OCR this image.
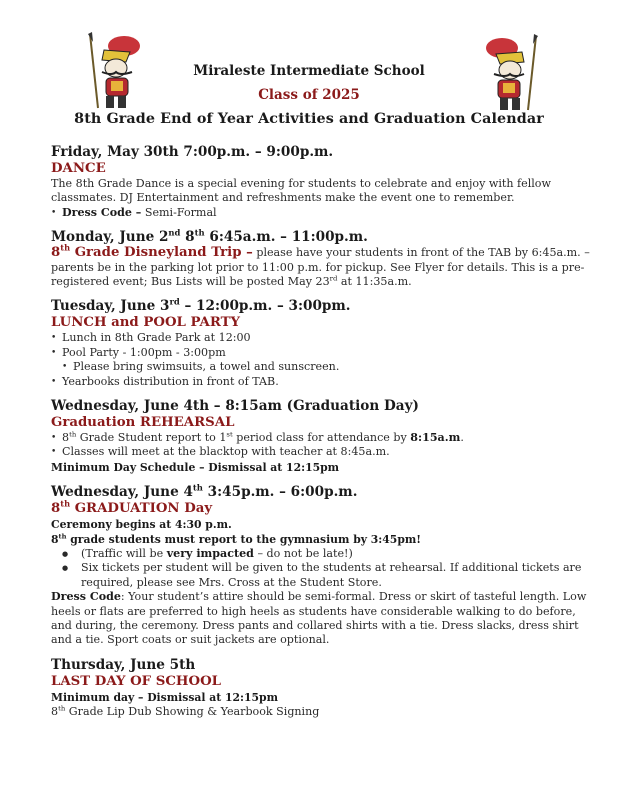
Miraleste Intermediate School
Class of 2025
8th Grade End of Year Activities and Graduation Calendar
Friday, May 30th 7:00p.m. – 9:00p.m.
DANCE
The 8th Grade Dance is a special evening for students to celebrate and enjoy with fellow classmates. DJ Entertainment and refreshments make the event one to remember.
• Dress Code – Semi-Formal
Monday, June 2nd 8th 6:45a.m. – 11:00p.m.
8th Grade Disneyland Trip – please have your students in front of the TAB by 6:45a.m. – parents be in the parking lot prior to 11:00 p.m. for pickup. See Flyer for details. This is a pre-registered event; Bus Lists will be posted May 23rd at 11:35a.m.
Tuesday, June 3rd – 12:00p.m. – 3:00pm.
LUNCH and POOL PARTY
• Lunch in 8th Grade Park at 12:00
• Pool Party - 1:00pm - 3:00pm
• Please bring swimsuits, a towel and sunscreen.
• Yearbooks distribution in front of TAB.
Wednesday, June 4th – 8:15am (Graduation Day)
Graduation REHEARSAL
• 8th Grade Student report to 1st period class for attendance by 8:15a.m.
• Classes will meet at the blacktop with teacher at 8:45a.m.
Minimum Day Schedule – Dismissal at 12:15pm
Wednesday, June 4th 3:45p.m. – 6:00p.m.
8th GRADUATION Day
Ceremony begins at 4:30 p.m.
8th grade students must report to the gymnasium by 3:45pm!
● (Traffic will be very impacted – do not be late!)
● Six tickets per student will be given to the students at rehearsal. If additional tickets are required, please see Mrs. Cross at the Student Store.
Dress Code: Your student’s attire should be semi-formal. Dress or skirt of tasteful length. Low heels or flats are preferred to high heels as students have considerable walking to do before, and during, the ceremony. Dress pants and collared shirts with a tie. Dress slacks, dress shirt and a tie. Sport coats or suit jackets are optional.
Thursday, June 5th
LAST DAY OF SCHOOL
Minimum day – Dismissal at 12:15pm
8th Grade Lip Dub Showing & Yearbook Signing
